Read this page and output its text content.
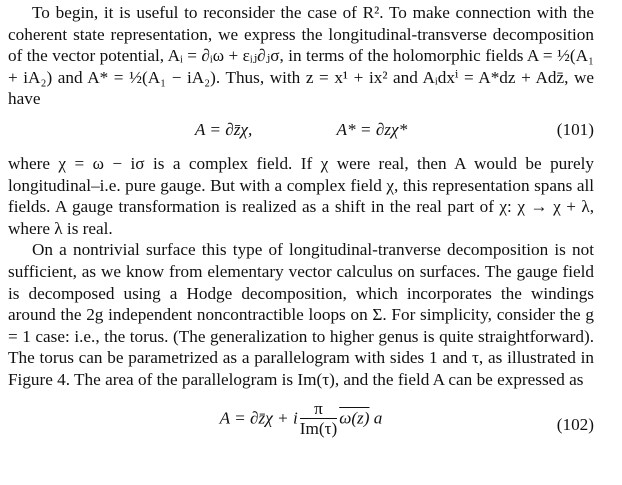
To begin, it is useful to reconsider the case of R². To make connection with the coherent state representation, we express the longitudinal-transverse decomposition of the vector potential, Aᵢ = ∂ᵢω + εᵢⱼ∂ⱼσ, in terms of the holomorphic fields A = ½(A₁ + iA₂) and A* = ½(A₁ − iA₂). Thus, with z = x¹ + ix² and Aᵢdxⁱ = A*dz + Adz̄, we have

A = ∂z̄χ,	A* = ∂zχ*	(101)

where χ = ω − iσ is a complex field. If χ were real, then A would be purely longitudinal–i.e. pure gauge. But with a complex field χ, this representation spans all fields. A gauge transformation is realized as a shift in the real part of χ: χ → χ + λ, where λ is real.

On a nontrivial surface this type of longitudinal-tranverse decomposition is not sufficient, as we know from elementary vector calculus on surfaces. The gauge field is decomposed using a Hodge decomposition, which incorporates the windings around the 2g independent noncontractible loops on Σ. For simplicity, consider the g = 1 case: i.e., the torus. (The generalization to higher genus is quite straightforward). The torus can be parametrized as a parallelogram with sides 1 and τ, as illustrated in Figure 4. The area of the parallelogram is Im(τ), and the field A can be expressed as

A = ∂z̄χ + i $\frac{\pi}{Im(\tau)} \omega(z)$ a	(102)
